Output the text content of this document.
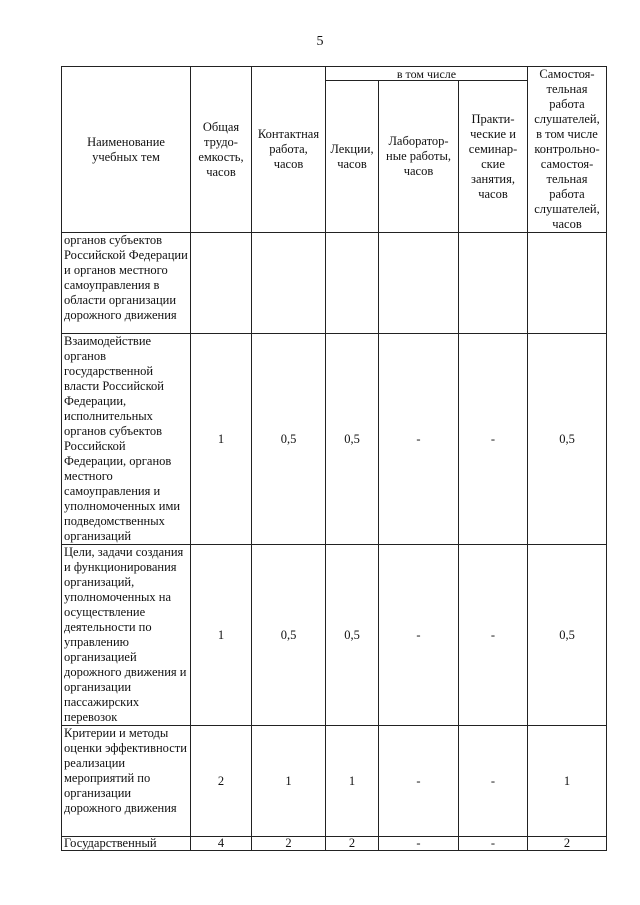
5
Наименование учебных тем	Общая трудо-емкость, часов	Контактная работа, часов	в том числе			Самостоя-тельная работа слушателей, в том числе контрольно-самостоя-тельная работа слушателей, часов
			Лекции, часов	Лаборатор-ные работы, часов	Практи-ческие и семинар-ские занятия, часов	
органов субъектов Российской Федерации и органов местного самоуправления в области организации дорожного движения						
Взаимодействие органов государственной власти Российской Федерации, исполнительных органов субъектов Российской Федерации, органов местного самоуправления и уполномоченных ими подведомственных организаций	1	0,5	0,5	-	-	0,5
Цели, задачи создания и функционирования организаций, уполномоченных на осуществление деятельности по управлению организацией дорожного движения и организации пассажирских перевозок	1	0,5	0,5	-	-	0,5
Критерии и методы оценки эффективности реализации мероприятий по организации дорожного движения	2	1	1	-	-	1
Государственный	4	2	2	-	-	2
